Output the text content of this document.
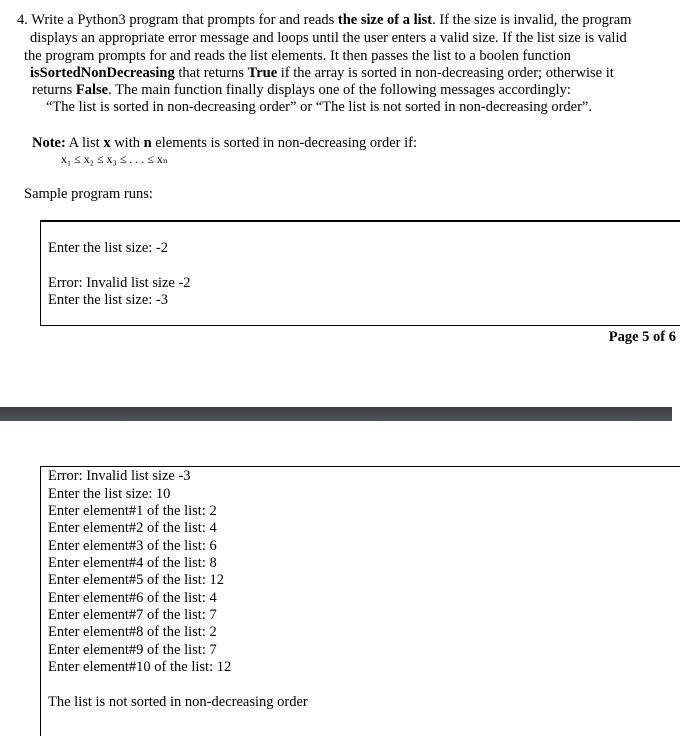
4. Write a Python3 program that prompts for and reads the size of a list. If the size is invalid, the program
displays an appropriate error message and loops until the user enters a valid size. If the list size is valid
the program prompts for and reads the list elements. It then passes the list to a boolen function
isSortedNonDecreasing that returns True if the array is sorted in non-decreasing order; otherwise it
returns False. The main function finally displays one of the following messages accordingly:
“The list is sorted in non-decreasing order” or “The list is not sorted in non-decreasing order”.
Note: A list x with n elements is sorted in non-decreasing order if:
x₁ ≤ x₂ ≤ x₃ ≤ . . . ≤ xₙ
Sample program runs:
Enter the list size: -2
Error: Invalid list size -2
Enter the list size: -3
Page 5 of 6
Error: Invalid list size -3
Enter the list size: 10
Enter element#1 of the list: 2
Enter element#2 of the list: 4
Enter element#3 of the list: 6
Enter element#4 of the list: 8
Enter element#5 of the list: 12
Enter element#6 of the list: 4
Enter element#7 of the list: 7
Enter element#8 of the list: 2
Enter element#9 of the list: 7
Enter element#10 of the list: 12
The list is not sorted in non-decreasing order
